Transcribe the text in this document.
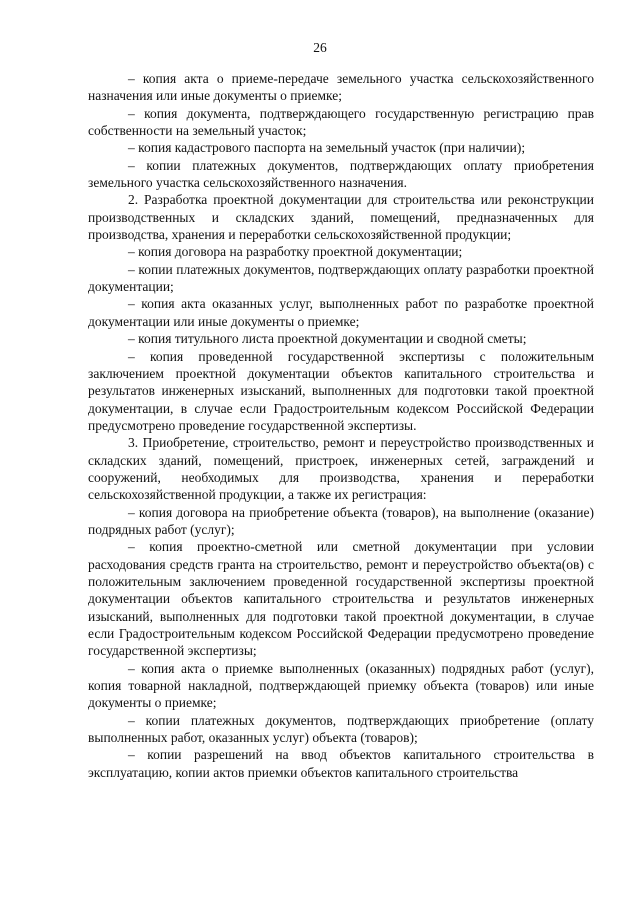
26

– копия акта о приеме-передаче земельного участка сельскохозяйственного назначения или иные документы о приемке;

– копия документа, подтверждающего государственную регистрацию прав собственности на земельный участок;

– копия кадастрового паспорта на земельный участок (при наличии);

– копии платежных документов, подтверждающих оплату приобретения земельного участка сельскохозяйственного назначения.

2. Разработка проектной документации для строительства или реконструкции производственных и складских зданий, помещений, предназначенных для производства, хранения и переработки сельскохозяйственной продукции;

– копия договора на разработку проектной документации;

– копии платежных документов, подтверждающих оплату разработки проектной документации;

– копия акта оказанных услуг, выполненных работ по разработке проектной документации или иные документы о приемке;

– копия титульного листа проектной документации и сводной сметы;

– копия проведенной государственной экспертизы с положительным заключением проектной документации объектов капитального строительства и результатов инженерных изысканий, выполненных для подготовки такой проектной документации, в случае если Градостроительным кодексом Российской Федерации предусмотрено проведение государственной экспертизы.

3. Приобретение, строительство, ремонт и переустройство производственных и складских зданий, помещений, пристроек, инженерных сетей, заграждений и сооружений, необходимых для производства, хранения и переработки сельскохозяйственной продукции, а также их регистрация:

– копия договора на приобретение объекта (товаров), на выполнение (оказание) подрядных работ (услуг);

– копия проектно-сметной или сметной документации при условии расходования средств гранта на строительство, ремонт и переустройство объекта(ов) с положительным заключением проведенной государственной экспертизы проектной документации объектов капитального строительства и результатов инженерных изысканий, выполненных для подготовки такой проектной документации, в случае если Градостроительным кодексом Российской Федерации предусмотрено проведение государственной экспертизы;

– копия акта о приемке выполненных (оказанных) подрядных работ (услуг), копия товарной накладной, подтверждающей приемку объекта (товаров) или иные документы о приемке;

– копии платежных документов, подтверждающих приобретение (оплату выполненных работ, оказанных услуг) объекта (товаров);

– копии разрешений на ввод объектов капитального строительства в эксплуатацию, копии актов приемки объектов капитального строительства
